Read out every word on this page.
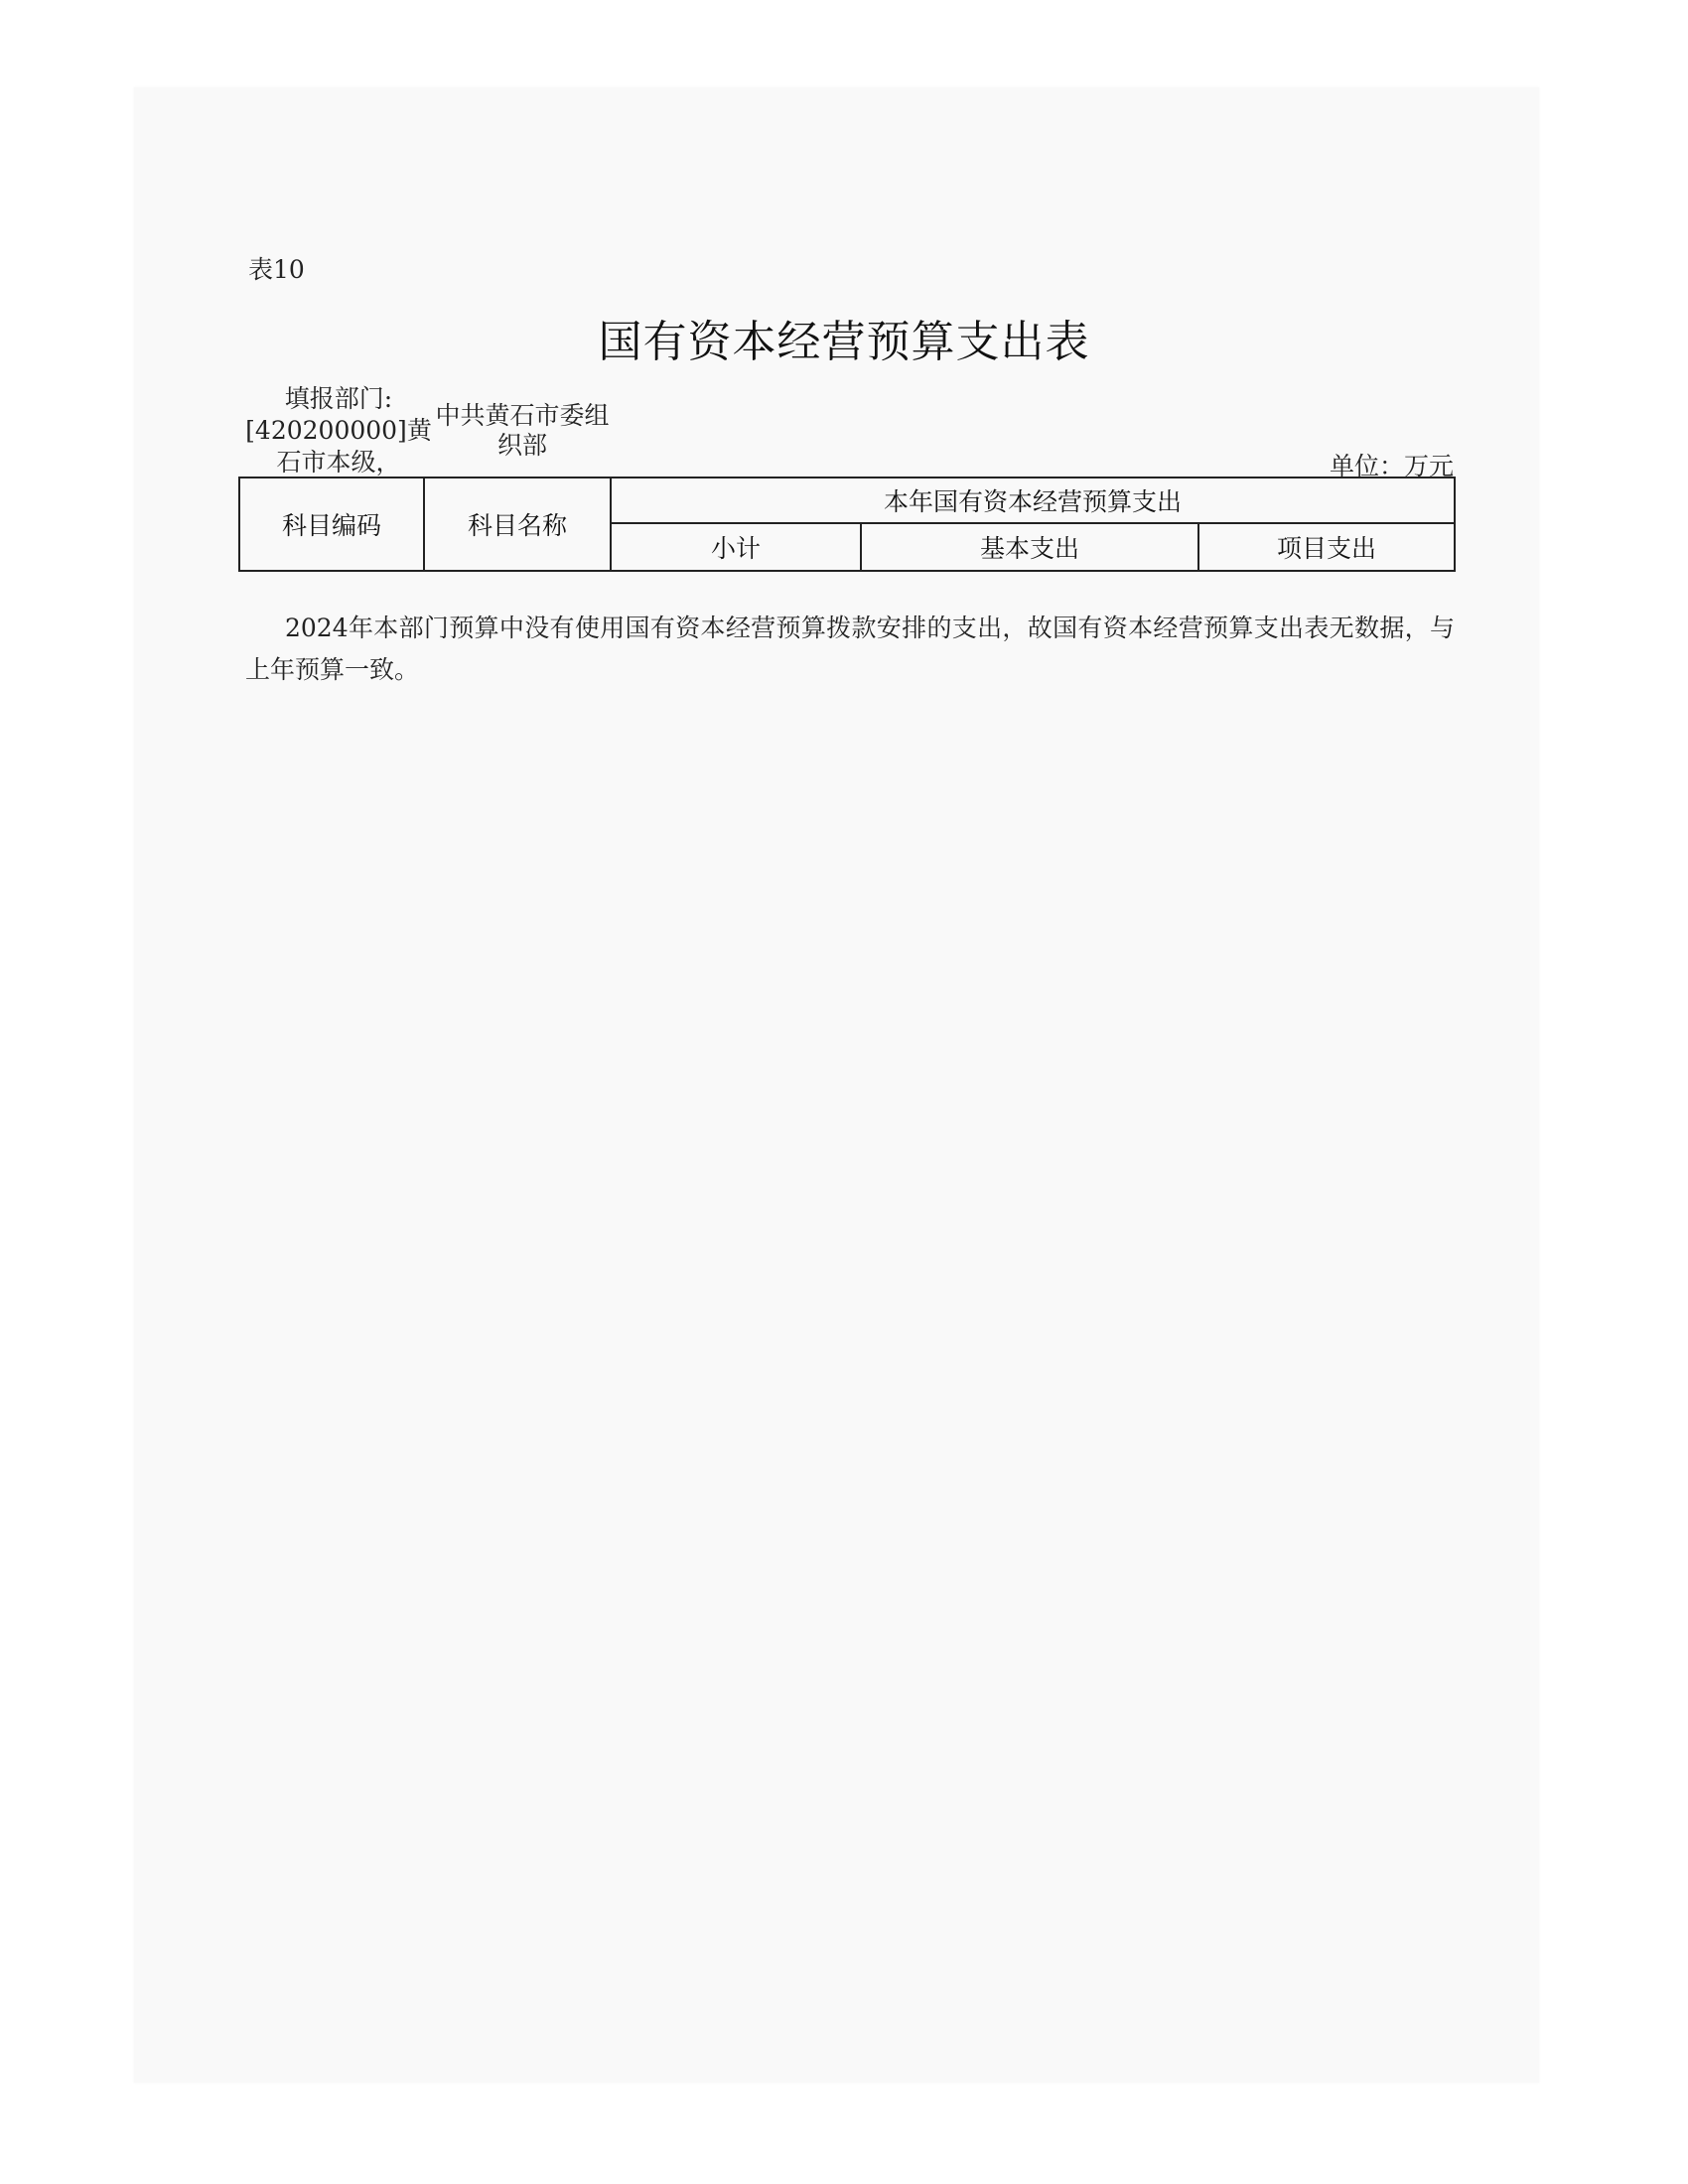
表10
国有资本经营预算支出表
填报部门:[420200000]黄石市本级，
中共黄石市委组织部
单位：万元
科目编码	科目名称	本年国有资本经营预算支出		
		小计	基本支出	项目支出
2024年本部门预算中没有使用国有资本经营预算拨款安排的支出，故国有资本经营预算支出表无数据，与上年预算一致。
